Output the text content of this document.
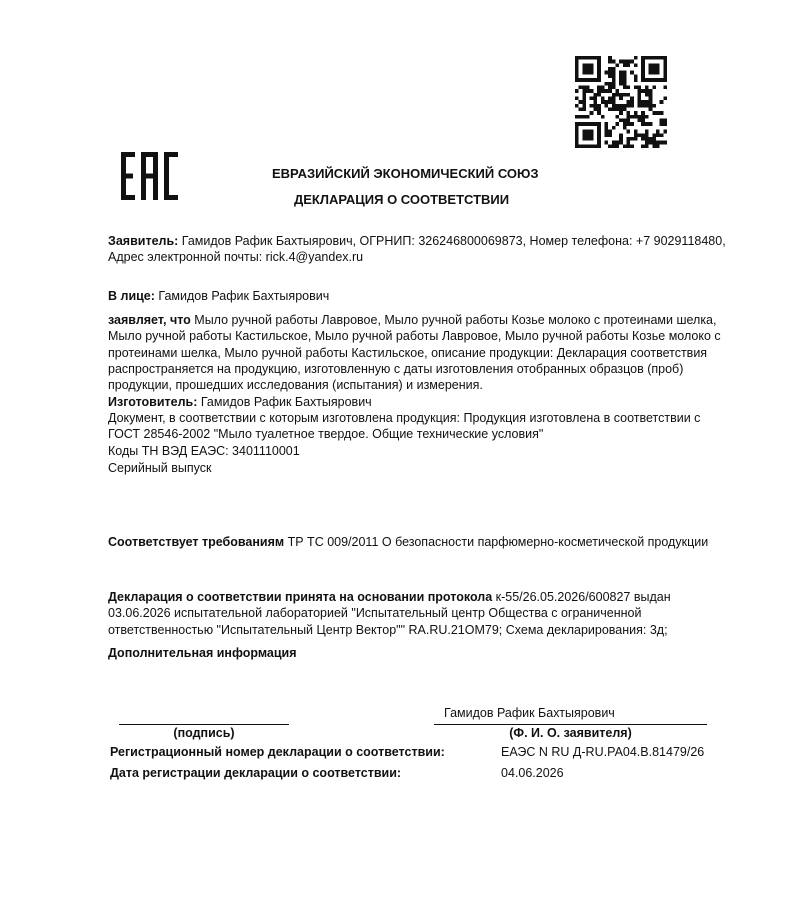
ЕВРАЗИЙСКИЙ ЭКОНОМИЧЕСКИЙ СОЮЗ
ДЕКЛАРАЦИЯ О СООТВЕТСТВИИ

Заявитель: Гамидов Рафик Бахтыярович, ОГРНИП: 326246800069873, Номер телефона: +7 9029118480, Адрес электронной почты: rick.4@yandex.ru

В лице: Гамидов Рафик Бахтыярович

заявляет, что Мыло ручной работы Лавровое, Мыло ручной работы Козье молоко с протеинами шелка, Мыло ручной работы Кастильское, Мыло ручной работы Лавровое, Мыло ручной работы Козье молоко с протеинами шелка, Мыло ручной работы Кастильское, описание продукции: Декларация соответствия распространяется на продукцию, изготовленную с даты изготовления отобранных образцов (проб) продукции, прошедших исследования (испытания) и измерения.

Изготовитель: Гамидов Рафик Бахтыярович

Документ, в соответствии с которым изготовлена продукция: Продукция изготовлена в соответствии с ГОСТ 28546-2002 "Мыло туалетное твердое. Общие технические условия"

Коды ТН ВЭД ЕАЭС: 3401110001

Серийный выпуск

Соответствует требованиям ТР ТС 009/2011 О безопасности парфюмерно-косметической продукции

Декларация о соответствии принята на основании протокола к-55/26.05.2026/600827 выдан 03.06.2026 испытательной лабораторией "Испытательный центр Общества с ограниченной ответственностью "Испытательный Центр Вектор"" RA.RU.21ОМ79; Схема декларирования: 3д;

Дополнительная информация

Гамидов Рафик Бахтыярович
(подпись)	(Ф. И. О. заявителя)
Регистрационный номер декларации о соответствии:	ЕАЭС N RU Д-RU.РА04.В.81479/26
Дата регистрации декларации о соответствии:	04.06.2026
